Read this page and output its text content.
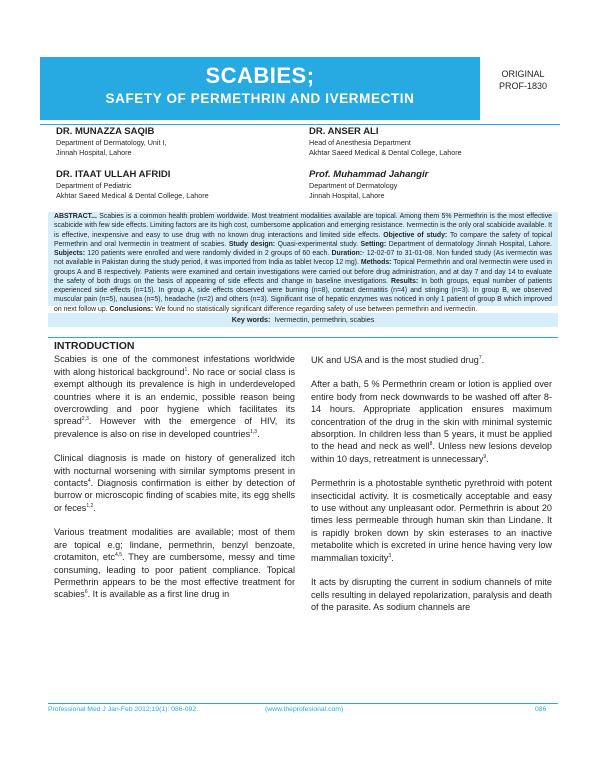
SCABIES;
SAFETY OF PERMETHRIN AND IVERMECTIN
ORIGINAL
PROF-1830
DR. MUNAZZA SAQIB
Department of Dermatology, Unit I,
Jinnah Hospital, Lahore
DR. ANSER ALI
Head of Anesthesia Department
Akhtar Saeed Medical & Dental College, Lahore
DR. ITAAT ULLAH AFRIDI
Department of Pediatric
Akhtar Saeed Medical & Dental College, Lahore
Prof. Muhammad Jahangir
Department of Dermatology
Jinnah Hospital, Lahore

ABSTRACT... Scabies is a common health problem worldwide. Most treatment modalities available are topical. Among them 5% Permethrin is the most effective scabicide with few side effects. Limiting factors are its high cost, cumbersome application and emerging resistance. Ivermectin is the only oral scabicide available. It is effective, inexpensive and easy to use drug with no known drug interactions and limited side effects. Objective of study: To compare the safety of topical Permethrin and oral Ivermectin in treatment of scabies. Study design: Quasi-experimental study. Setting: Department of dermatology Jinnah Hospital, Lahore. Subjects: 120 patients were enrolled and were randomly divided in 2 groups of 60 each. Duration:- 12-02-07 to 31-01-08. Non funded study (As ivermectin was not available in Pakistan during the study period, it was imported from India as tablet Ivecop 12 mg). Methods: Topical Permethrin and oral Ivermectin were used in groups A and B respectively. Patients were examined and certain investigations were carried out before drug administration, and at day 7 and day 14 to evaluate the safety of both drugs on the basis of appearing of side effects and change in baseline investigations. Results: In both groups, equal number of patients experienced side effects (n=15). In group A, side effects observed were burning (n=8), contact dermatitis (n=4) and stinging (n=3). In group B, we observed muscular pain (n=5), nausea (n=5), headache (n=2) and others (n=3). Significant rise of hepatic enzymes was noticed in only 1 patient of group B which improved on next follow up. Conclusions: We found no statistically significant difference regarding safety of use between permethrin and ivermectin.

Key words: Ivermectin, permethrin, scabies
INTRODUCTION

Scabies is one of the commonest infestations worldwide with along historical background$^1$. No race or social class is exempt although its prevalence is high in underdeveloped countries where it is an endemic, possible reason being overcrowding and poor hygiene which facilitates its spread$^{2,3}$. However with the emergence of HIV, its prevalence is also on rise in developed countries$^{1,3}$.

Clinical diagnosis is made on history of generalized itch with nocturnal worsening with similar symptoms present in contacts$^4$. Diagnosis confirmation is either by detection of burrow or microscopic finding of scabies mite, its egg shells or feces$^{1,2}$.

Various treatment modalities are available; most of them are topical e.g; lindane, permethrin, benzyl benzoate, crotamiton, etc$^{4,5}$. They are cumbersome, messy and time consuming, leading to poor patient compliance. Topical Permethrin appears to be the most effective treatment for scabies$^6$. It is available as a first line drug in

UK and USA and is the most studied drug$^7$.

After a bath, 5 % Permethrin cream or lotion is applied over entire body from neck downwards to be washed off after 8-14 hours. Appropriate application ensures maximum concentration of the drug in the skin with minimal systemic absorption. In children less than 5 years, it must be applied to the head and neck as well$^8$. Unless new lesions develop within 10 days, retreatment is unnecessary$^9$.

Permethrin is a photostable synthetic pyrethroid with potent insecticidal activity. It is cosmetically acceptable and easy to use without any unpleasant odor. Permethrin is about 20 times less permeable through human skin than Lindane. It is rapidly broken down by skin esterases to an inactive metabolite which is excreted in urine hence having very low mammalian toxicity$^3$.

It acts by disrupting the current in sodium channels of mite cells resulting in delayed repolarization, paralysis and death of the parasite. As sodium channels are

Professional Med J Jan-Feb 2012;19(1): 086-092.	(www.theprofesional.com)	086
